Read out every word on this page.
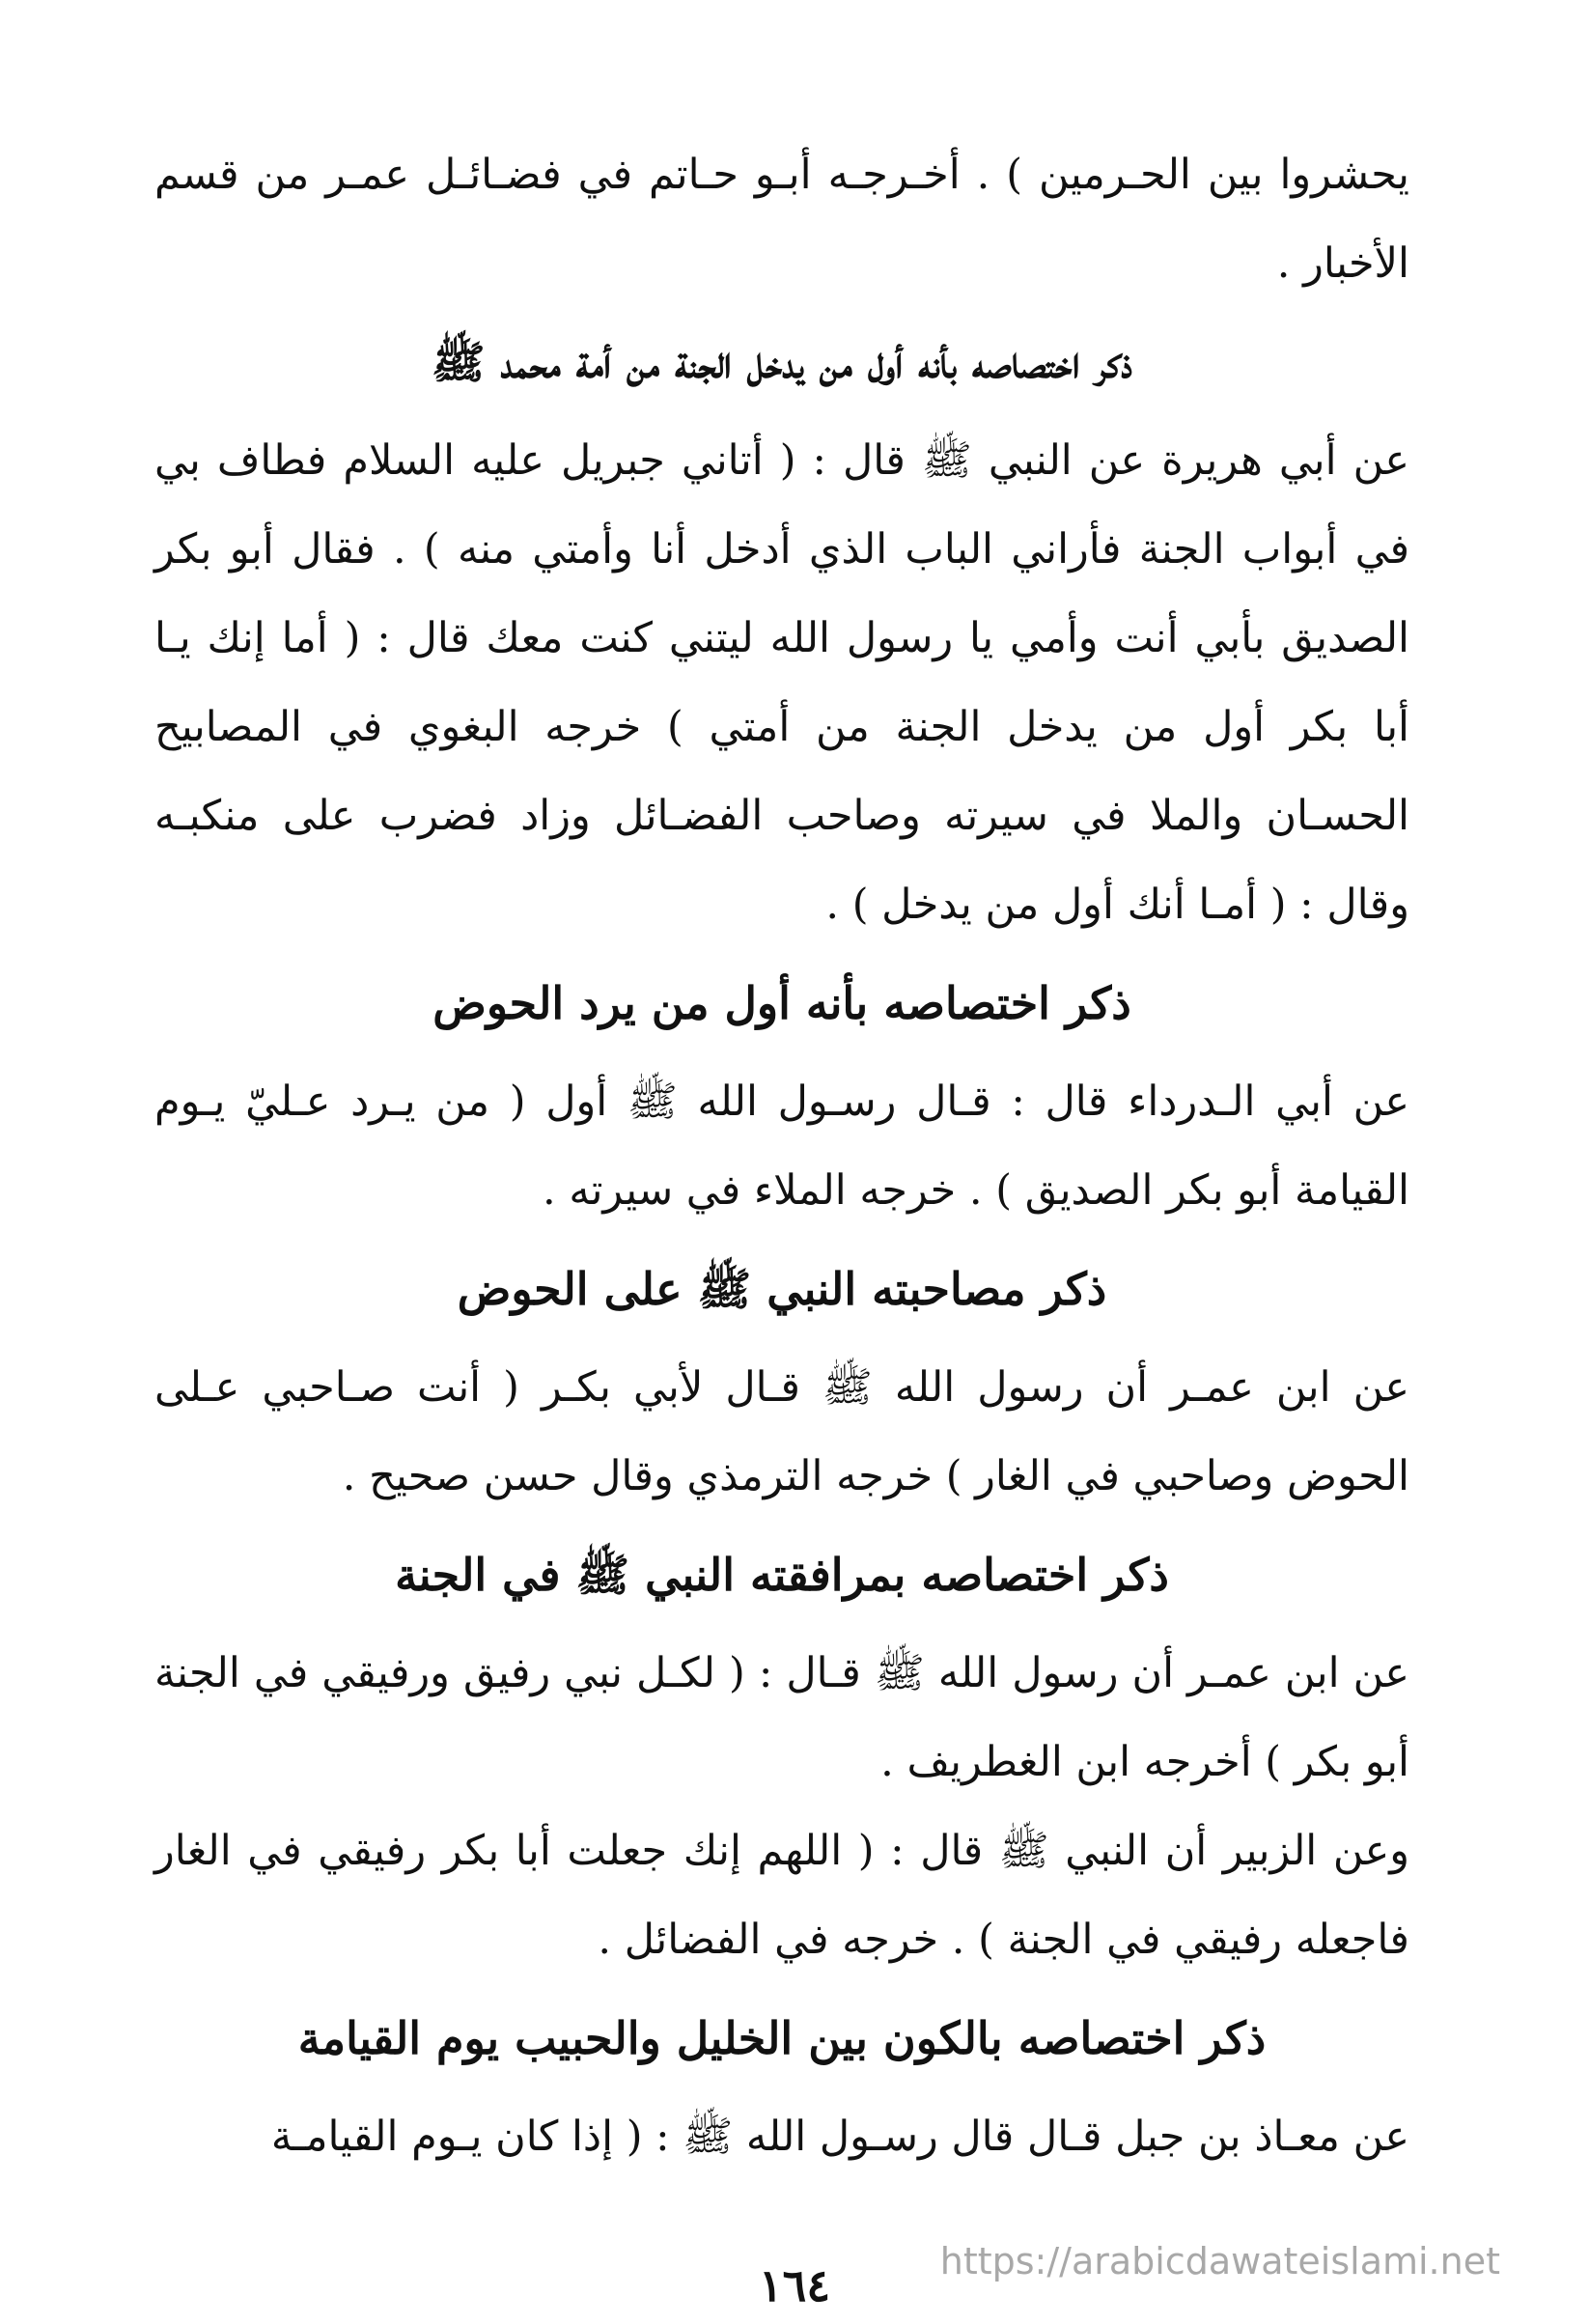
يحشروا بين الحـرمين ) . أخـرجـه أبـو حـاتم في فضـائـل عمـر من قسم الأخبار .

ذكر اختصاصه بأنه أول من يدخل الجنة من أمة محمد ﷺ

عن أبي هريرة عن النبي ﷺ قال : ( أتاني جبريل عليه السلام فطاف بي في أبواب الجنة فأراني الباب الذي أدخل أنا وأمتي منه ) . فقال أبو بكر الصديق بأبي أنت وأمي يا رسول الله ليتني كنت معك قال : ( أما إنك يـا أبا بكر أول من يدخل الجنة من أمتي ) خرجه البغوي في المصابيح الحسـان والملا في سيرته وصاحب الفضـائل وزاد فضرب على منكبـه وقال : ( أمـا أنك أول من يدخل ) .

ذكر اختصاصه بأنه أول من يرد الحوض

عن أبي الـدرداء قال : قـال رسـول الله ﷺ أول ( من يـرد عـليّ يـوم القيامة أبو بكر الصديق ) . خرجه الملاء في سيرته .

ذكر مصاحبته النبي ﷺ على الحوض

عن ابن عمـر أن رسول الله ﷺ قـال لأبي بكـر ( أنت صـاحبي عـلى الحوض وصاحبي في الغار ) خرجه الترمذي وقال حسن صحيح .

ذكر اختصاصه بمرافقته النبي ﷺ في الجنة

عن ابن عمـر أن رسول الله ﷺ قـال : ( لكـل نبي رفيق ورفيقي في الجنة أبو بكر ) أخرجه ابن الغطريف .

وعن الزبير أن النبي ﷺ قال : ( اللهم إنك جعلت أبا بكر رفيقي في الغار فاجعله رفيقي في الجنة ) . خرجه في الفضائل .

ذكر اختصاصه بالكون بين الخليل والحبيب يوم القيامة

عن معـاذ بن جبل قـال قال رسـول الله ﷺ : ( إذا كان يـوم القيامـة

https://arabicdawateislami.net
١٦٤
